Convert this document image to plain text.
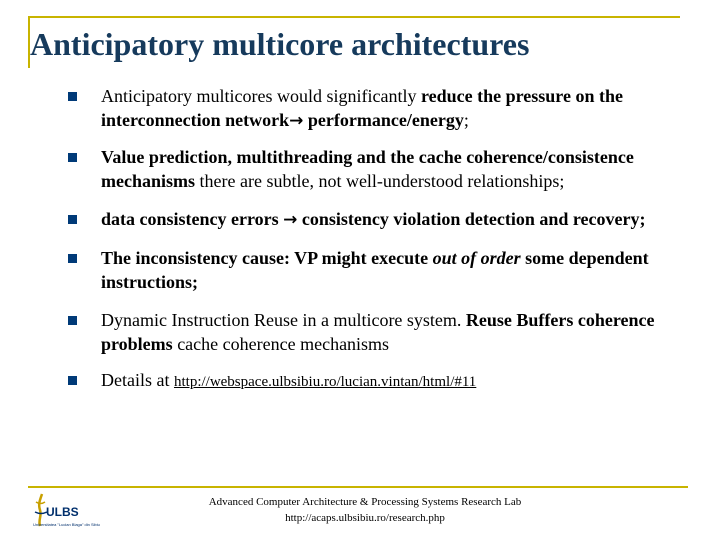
Anticipatory multicore architectures
Anticipatory multicores would significantly reduce the pressure on the interconnection network→ performance/energy;
Value prediction, multithreading and the cache coherence/consistence mechanisms there are subtle, not well-understood relationships;
data consistency errors → consistency violation detection and recovery;
The inconsistency cause: VP might execute out of order some dependent instructions;
Dynamic Instruction Reuse in a multicore system. Reuse Buffers coherence problems cache coherence mechanisms
Details at http://webspace.ulbsibiu.ro/lucian.vintan/html/#11
ULBS
Universitatea "Lucian Blaga" din Sibiu
Advanced Computer Architecture & Processing Systems Research Lab
http://acaps.ulbsibiu.ro/research.php
